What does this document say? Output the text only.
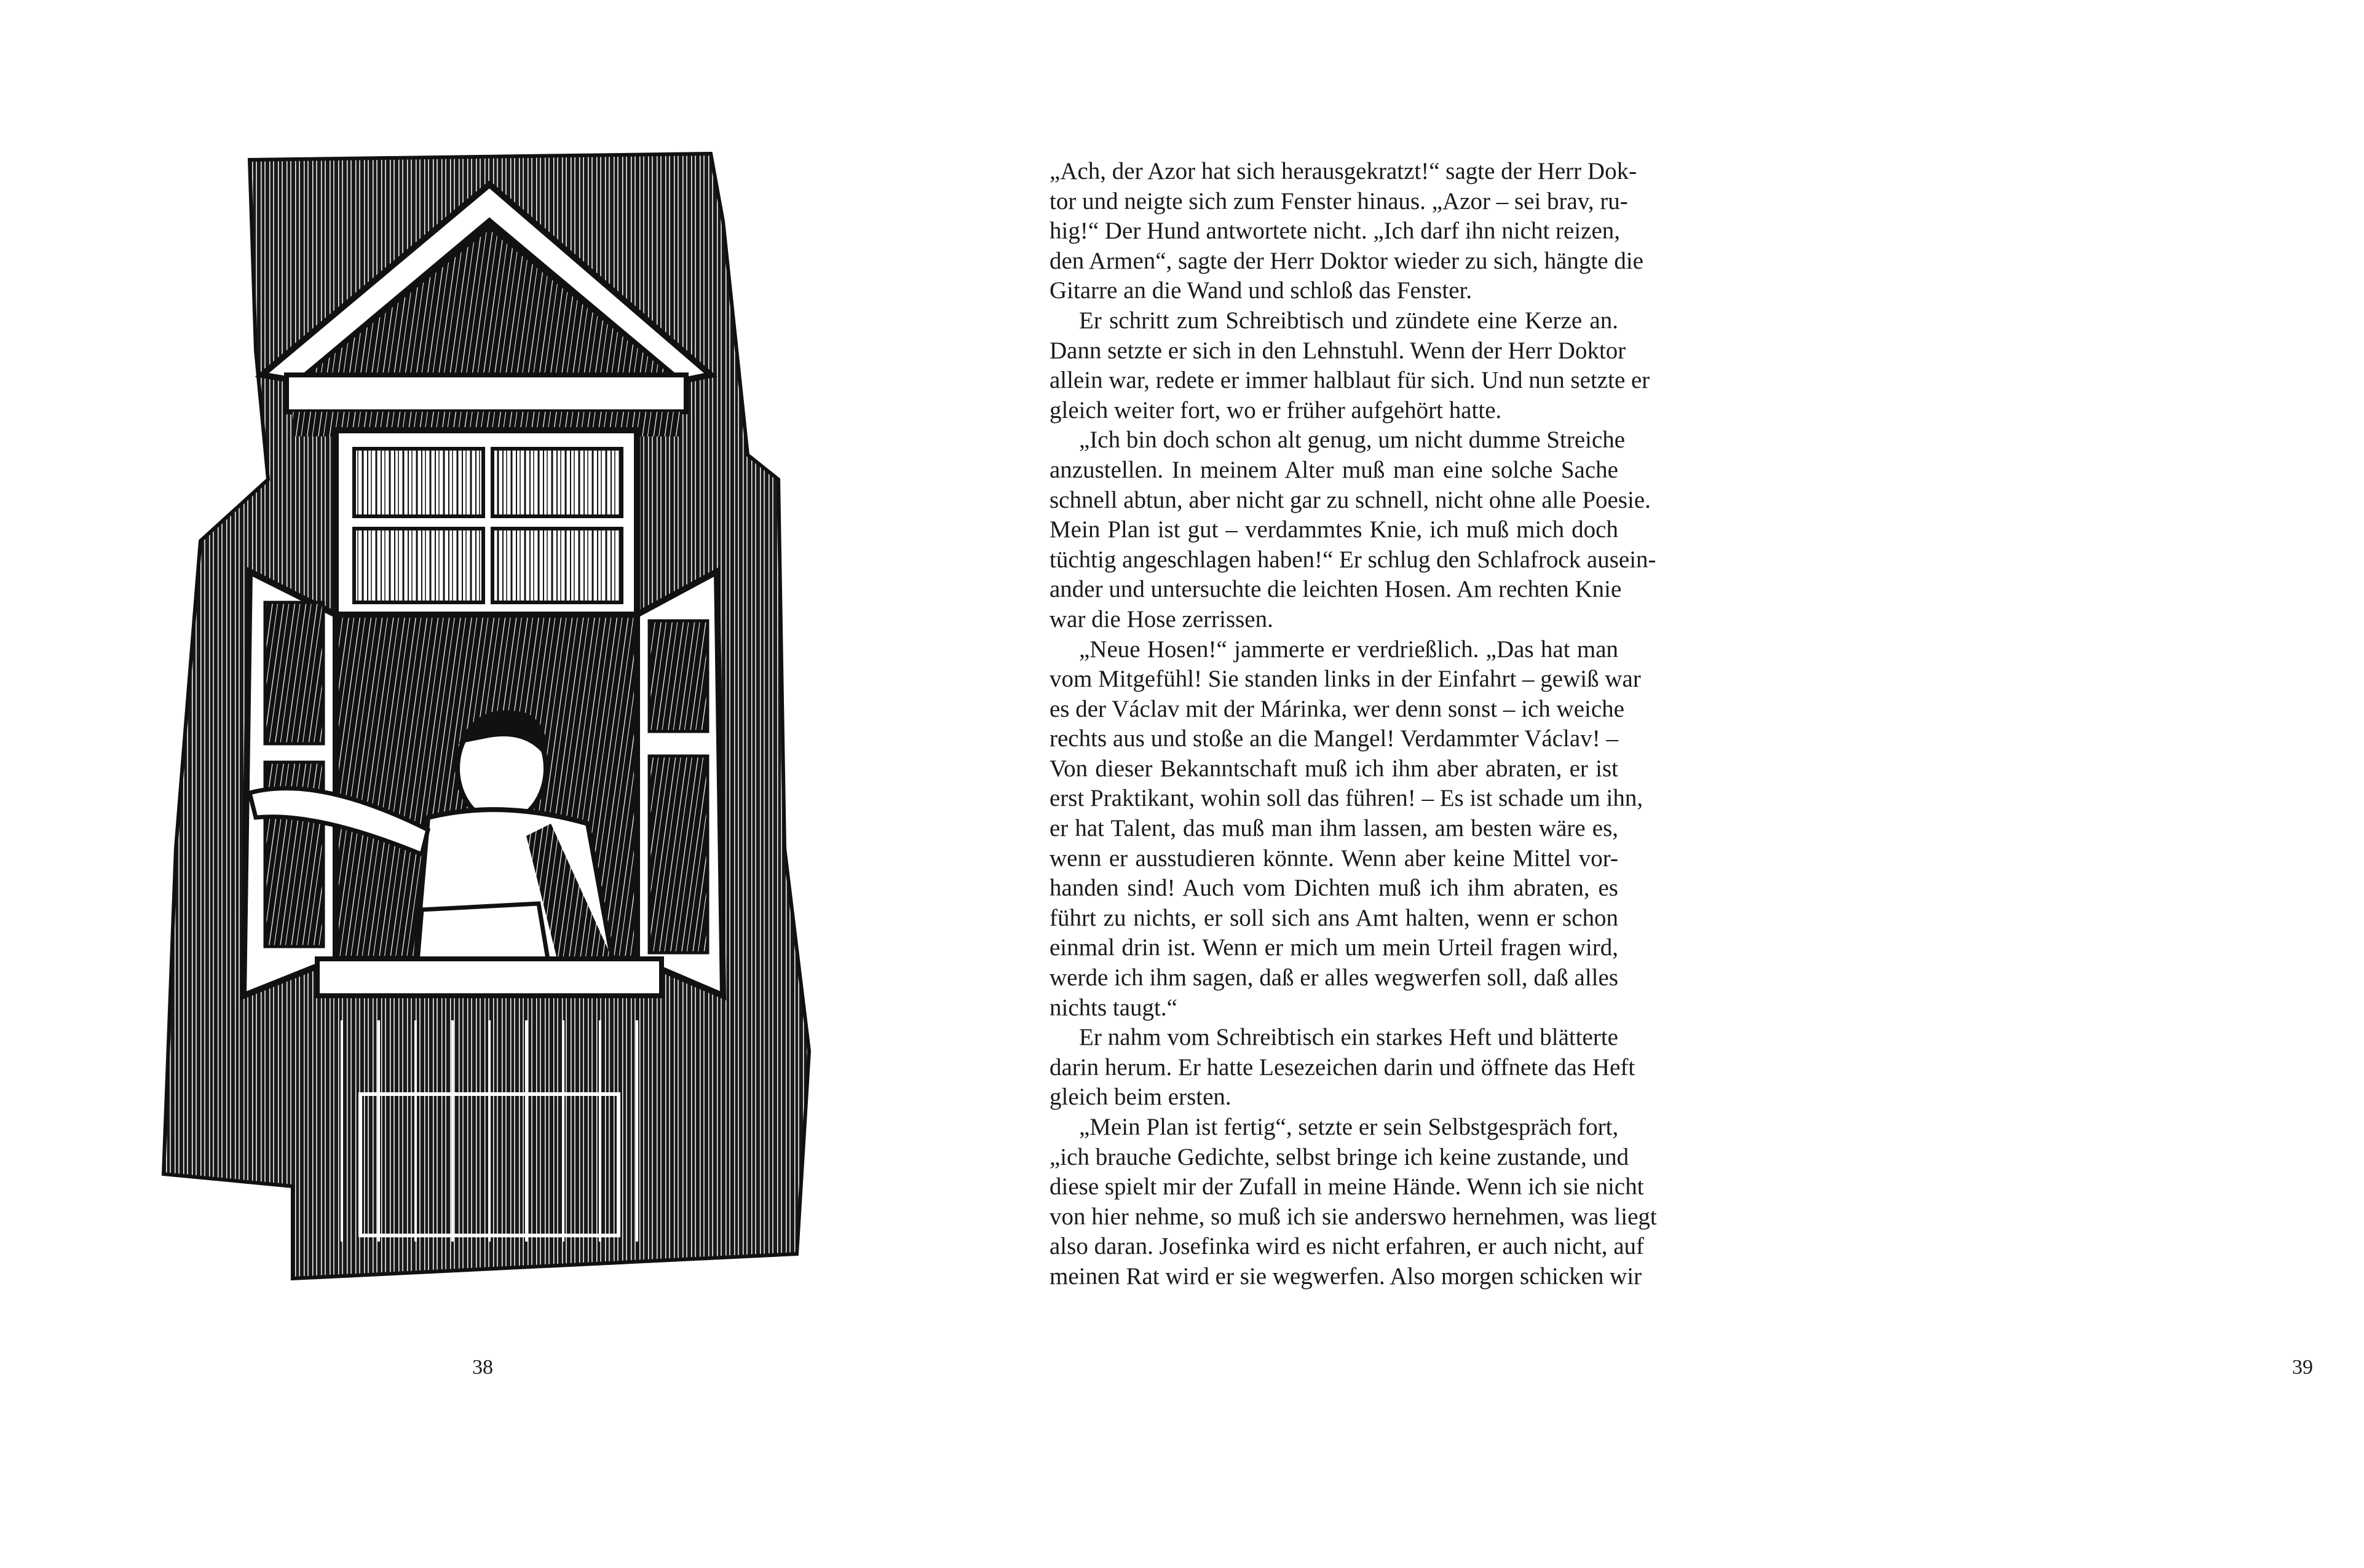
38
„Ach, der Azor hat sich herausgekratzt!“ sagte der Herr Dok-
tor und neigte sich zum Fenster hinaus. „Azor – sei brav, ru-
hig!“ Der Hund antwortete nicht. „Ich darf ihn nicht reizen,
den Armen“, sagte der Herr Doktor wieder zu sich, hängte die
Gitarre an die Wand und schloß das Fenster.
Er schritt zum Schreibtisch und zündete eine Kerze an.
Dann setzte er sich in den Lehnstuhl. Wenn der Herr Doktor
allein war, redete er immer halblaut für sich. Und nun setzte er
gleich weiter fort, wo er früher aufgehört hatte.
„Ich bin doch schon alt genug, um nicht dumme Streiche
anzustellen. In meinem Alter muß man eine solche Sache
schnell abtun, aber nicht gar zu schnell, nicht ohne alle Poesie.
Mein Plan ist gut – verdammtes Knie, ich muß mich doch
tüchtig angeschlagen haben!“ Er schlug den Schlafrock ausein-
ander und untersuchte die leichten Hosen. Am rechten Knie
war die Hose zerrissen.
„Neue Hosen!“ jammerte er verdrießlich. „Das hat man
vom Mitgefühl! Sie standen links in der Einfahrt – gewiß war
es der Václav mit der Márinka, wer denn sonst – ich weiche
rechts aus und stoße an die Mangel! Verdammter Václav! –
Von dieser Bekanntschaft muß ich ihm aber abraten, er ist
erst Praktikant, wohin soll das führen! – Es ist schade um ihn,
er hat Talent, das muß man ihm lassen, am besten wäre es,
wenn er ausstudieren könnte. Wenn aber keine Mittel vor-
handen sind! Auch vom Dichten muß ich ihm abraten, es
führt zu nichts, er soll sich ans Amt halten, wenn er schon
einmal drin ist. Wenn er mich um mein Urteil fragen wird,
werde ich ihm sagen, daß er alles wegwerfen soll, daß alles
nichts taugt.“
Er nahm vom Schreibtisch ein starkes Heft und blätterte
darin herum. Er hatte Lesezeichen darin und öffnete das Heft
gleich beim ersten.
„Mein Plan ist fertig“, setzte er sein Selbstgespräch fort,
„ich brauche Gedichte, selbst bringe ich keine zustande, und
diese spielt mir der Zufall in meine Hände. Wenn ich sie nicht
von hier nehme, so muß ich sie anderswo hernehmen, was liegt
also daran. Josefinka wird es nicht erfahren, er auch nicht, auf
meinen Rat wird er sie wegwerfen. Also morgen schicken wir
39
